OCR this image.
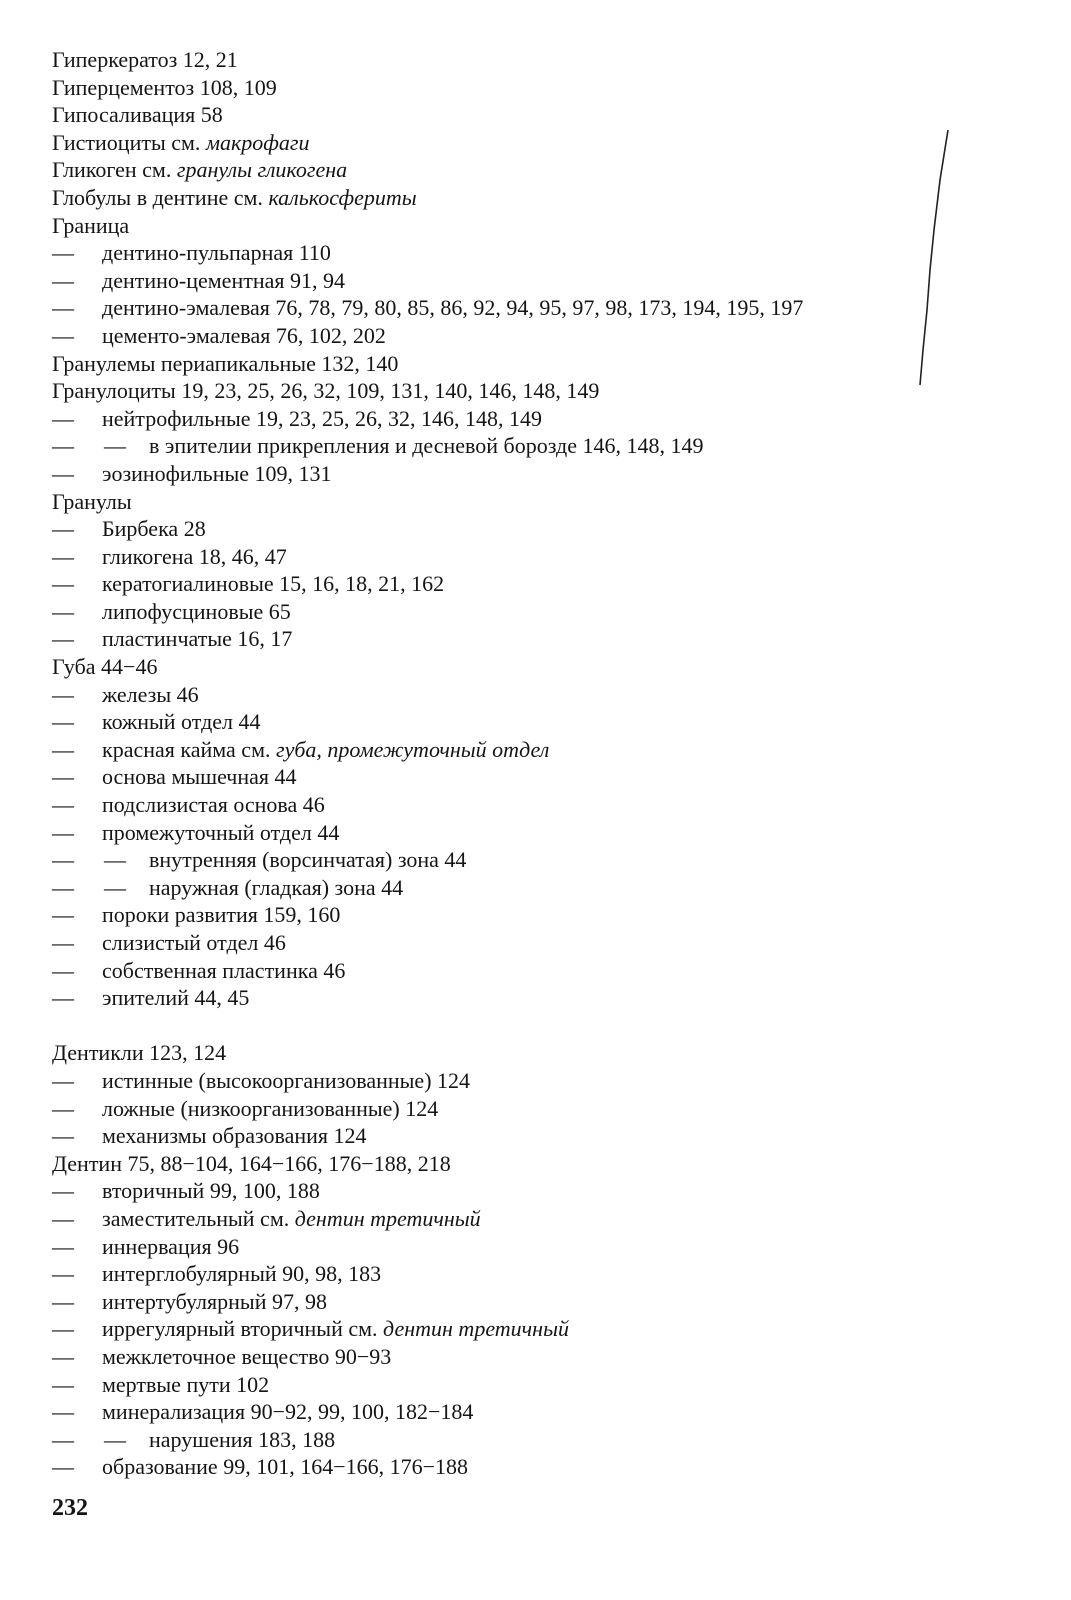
Гиперкератоз 12, 21
Гиперцементоз 108, 109
Гипосаливация 58
Гистиоциты см. макрофаги
Гликоген см. гранулы гликогена
Глобулы в дентине см. калькосфериты
Граница
— дентино-пульпарная 110
— дентино-цементная 91, 94
— дентино-эмалевая 76, 78, 79, 80, 85, 86, 92, 94, 95, 97, 98, 173, 194, 195, 197
— цементо-эмалевая 76, 102, 202
Гранулемы периапикальные 132, 140
Гранулоциты 19, 23, 25, 26, 32, 109, 131, 140, 146, 148, 149
— нейтрофильные 19, 23, 25, 26, 32, 146, 148, 149
— — в эпителии прикрепления и десневой борозде 146, 148, 149
— эозинофильные 109, 131
Гранулы
— Бирбека 28
— гликогена 18, 46, 47
— кератогиалиновые 15, 16, 18, 21, 162
— липофусциновые 65
— пластинчатые 16, 17
Губа 44−46
— железы 46
— кожный отдел 44
— красная кайма см. губа, промежуточный отдел
— основа мышечная 44
— подслизистая основа 46
— промежуточный отдел 44
— — внутренняя (ворсинчатая) зона 44
— — наружная (гладкая) зона 44
— пороки развития 159, 160
— слизистый отдел 46
— собственная пластинка 46
— эпителий 44, 45
Дентикли 123, 124
— истинные (высокоорганизованные) 124
— ложные (низкоорганизованные) 124
— механизмы образования 124
Дентин 75, 88−104, 164−166, 176−188, 218
— вторичный 99, 100, 188
— заместительный см. дентин третичный
— иннервация 96
— интерглобулярный 90, 98, 183
— интертубулярный 97, 98
— иррегулярный вторичный см. дентин третичный
— межклеточное вещество 90−93
— мертвые пути 102
— минерализация 90−92, 99, 100, 182−184
— — нарушения 183, 188
— образование 99, 101, 164−166, 176−188
232
